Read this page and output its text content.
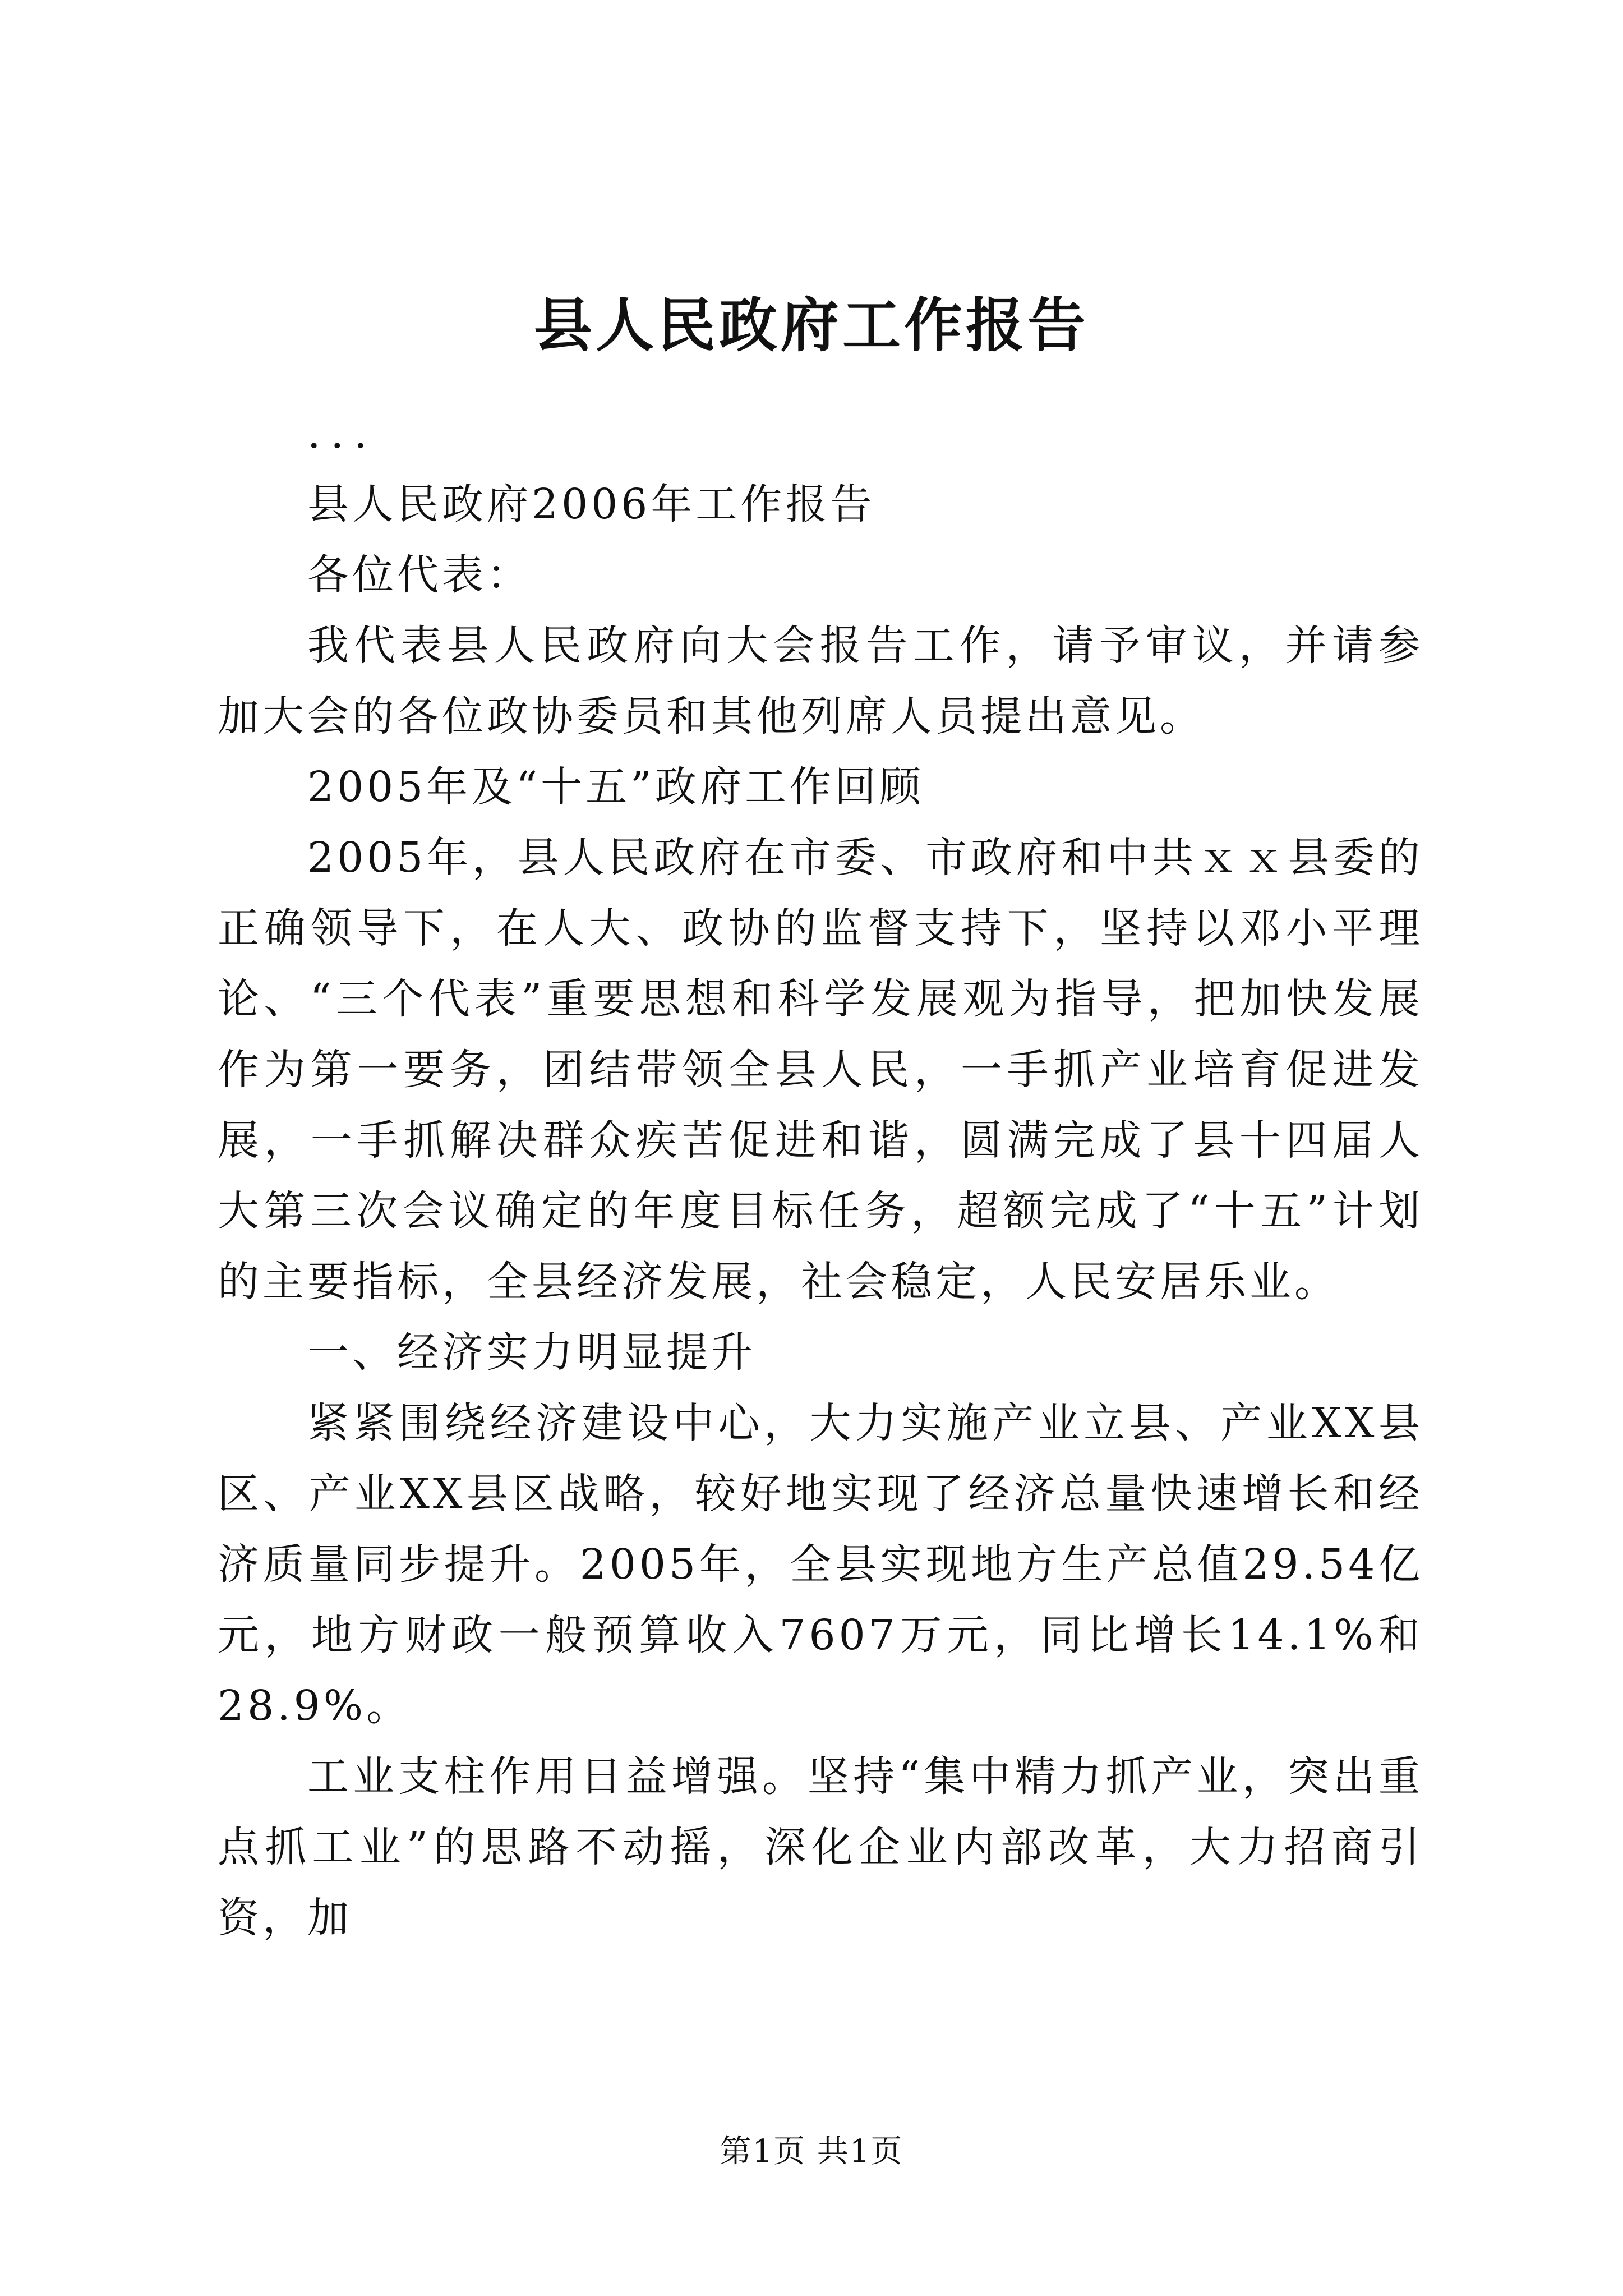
县人民政府工作报告

...

县人民政府2006年工作报告

各位代表：

我代表县人民政府向大会报告工作，请予审议，并请参加大会的各位政协委员和其他列席人员提出意见。

2005年及“十五”政府工作回顾

2005年，县人民政府在市委、市政府和中共ｘｘ县委的正确领导下，在人大、政协的监督支持下，坚持以邓小平理论、“三个代表”重要思想和科学发展观为指导，把加快发展作为第一要务，团结带领全县人民，一手抓产业培育促进发展，一手抓解决群众疾苦促进和谐，圆满完成了县十四届人大第三次会议确定的年度目标任务，超额完成了“十五”计划的主要指标，全县经济发展，社会稳定，人民安居乐业。

一、经济实力明显提升

紧紧围绕经济建设中心，大力实施产业立县、产业XX县区、产业XX县区战略，较好地实现了经济总量快速增长和经济质量同步提升。2005年，全县实现地方生产总值29.54亿元，地方财政一般预算收入7607万元，同比增长14.1%和28.9%。

工业支柱作用日益增强。坚持“集中精力抓产业，突出重点抓工业”的思路不动摇，深化企业内部改革，大力招商引资，加

第1页 共1页
